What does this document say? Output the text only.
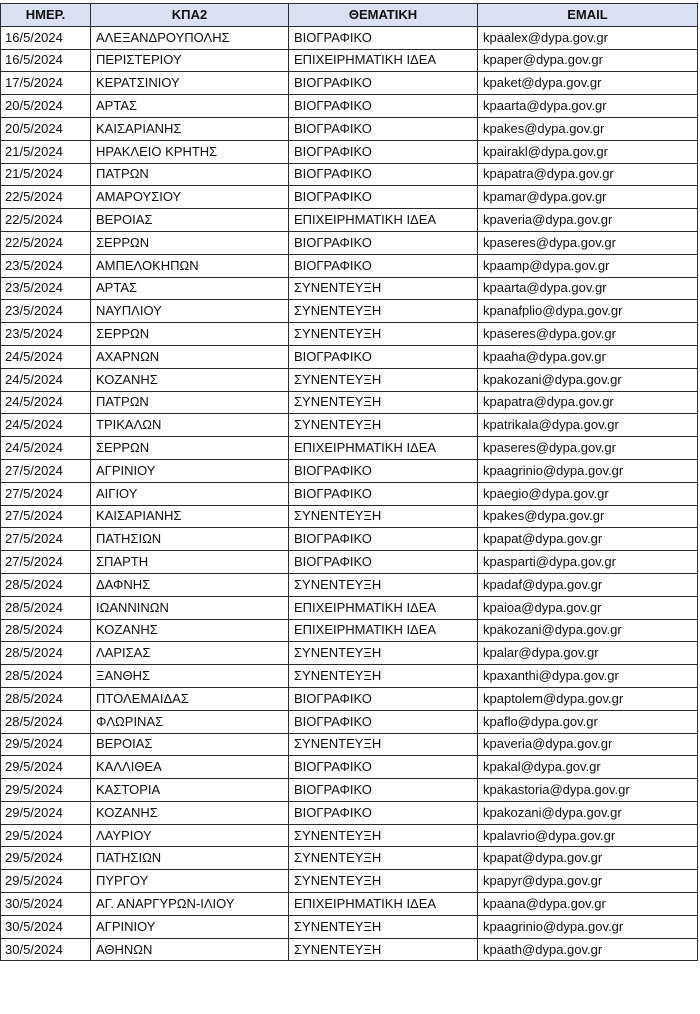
ΗΜΕΡ.	ΚΠΑ2	ΘΕΜΑΤΙΚΗ	EMAIL
16/5/2024	ΑΛΕΞΑΝΔΡΟΥΠΟΛΗΣ	ΒΙΟΓΡΑΦΙΚΟ	kpaalex@dypa.gov.gr
16/5/2024	ΠΕΡΙΣΤΕΡΙΟΥ	ΕΠΙΧΕΙΡΗΜΑΤΙΚΗ ΙΔΕΑ	kpaper@dypa.gov.gr
17/5/2024	ΚΕΡΑΤΣΙΝΙΟΥ	ΒΙΟΓΡΑΦΙΚΟ	kpaket@dypa.gov.gr
20/5/2024	ΑΡΤΑΣ	ΒΙΟΓΡΑΦΙΚΟ	kpaarta@dypa.gov.gr
20/5/2024	ΚΑΙΣΑΡΙΑΝΗΣ	ΒΙΟΓΡΑΦΙΚΟ	kpakes@dypa.gov.gr
21/5/2024	ΗΡΑΚΛΕΙΟ ΚΡΗΤΗΣ	ΒΙΟΓΡΑΦΙΚΟ	kpairakl@dypa.gov.gr
21/5/2024	ΠΑΤΡΩΝ	ΒΙΟΓΡΑΦΙΚΟ	kpapatra@dypa.gov.gr
22/5/2024	ΑΜΑΡΟΥΣΙΟΥ	ΒΙΟΓΡΑΦΙΚΟ	kpamar@dypa.gov.gr
22/5/2024	ΒΕΡΟΙΑΣ	ΕΠΙΧΕΙΡΗΜΑΤΙΚΗ ΙΔΕΑ	kpaveria@dypa.gov.gr
22/5/2024	ΣΕΡΡΩΝ	ΒΙΟΓΡΑΦΙΚΟ	kpaseres@dypa.gov.gr
23/5/2024	ΑΜΠΕΛΟΚΗΠΩΝ	ΒΙΟΓΡΑΦΙΚΟ	kpaamp@dypa.gov.gr
23/5/2024	ΑΡΤΑΣ	ΣΥΝΕΝΤΕΥΞΗ	kpaarta@dypa.gov.gr
23/5/2024	ΝΑΥΠΛΙΟΥ	ΣΥΝΕΝΤΕΥΞΗ	kpanafplio@dypa.gov.gr
23/5/2024	ΣΕΡΡΩΝ	ΣΥΝΕΝΤΕΥΞΗ	kpaseres@dypa.gov.gr
24/5/2024	ΑΧΑΡΝΩΝ	ΒΙΟΓΡΑΦΙΚΟ	kpaaha@dypa.gov.gr
24/5/2024	ΚΟΖΑΝΗΣ	ΣΥΝΕΝΤΕΥΞΗ	kpakozani@dypa.gov.gr
24/5/2024	ΠΑΤΡΩΝ	ΣΥΝΕΝΤΕΥΞΗ	kpapatra@dypa.gov.gr
24/5/2024	ΤΡΙΚΑΛΩΝ	ΣΥΝΕΝΤΕΥΞΗ	kpatrikala@dypa.gov.gr
24/5/2024	ΣΕΡΡΩΝ	ΕΠΙΧΕΙΡΗΜΑΤΙΚΗ ΙΔΕΑ	kpaseres@dypa.gov.gr
27/5/2024	ΑΓΡΙΝΙΟΥ	ΒΙΟΓΡΑΦΙΚΟ	kpaagrinio@dypa.gov.gr
27/5/2024	ΑΙΓΙΟΥ	ΒΙΟΓΡΑΦΙΚΟ	kpaegio@dypa.gov.gr
27/5/2024	ΚΑΙΣΑΡΙΑΝΗΣ	ΣΥΝΕΝΤΕΥΞΗ	kpakes@dypa.gov.gr
27/5/2024	ΠΑΤΗΣΙΩΝ	ΒΙΟΓΡΑΦΙΚΟ	kpapat@dypa.gov.gr
27/5/2024	ΣΠΑΡΤΗ	ΒΙΟΓΡΑΦΙΚΟ	kpasparti@dypa.gov.gr
28/5/2024	ΔΑΦΝΗΣ	ΣΥΝΕΝΤΕΥΞΗ	kpadaf@dypa.gov.gr
28/5/2024	ΙΩΑΝΝΙΝΩΝ	ΕΠΙΧΕΙΡΗΜΑΤΙΚΗ ΙΔΕΑ	kpaioa@dypa.gov.gr
28/5/2024	ΚΟΖΑΝΗΣ	ΕΠΙΧΕΙΡΗΜΑΤΙΚΗ ΙΔΕΑ	kpakozani@dypa.gov.gr
28/5/2024	ΛΑΡΙΣΑΣ	ΣΥΝΕΝΤΕΥΞΗ	kpalar@dypa.gov.gr
28/5/2024	ΞΑΝΘΗΣ	ΣΥΝΕΝΤΕΥΞΗ	kpaxanthi@dypa.gov.gr
28/5/2024	ΠΤΟΛΕΜΑΙΔΑΣ	ΒΙΟΓΡΑΦΙΚΟ	kpaptolem@dypa.gov.gr
28/5/2024	ΦΛΩΡΙΝΑΣ	ΒΙΟΓΡΑΦΙΚΟ	kpaflo@dypa.gov.gr
29/5/2024	ΒΕΡΟΙΑΣ	ΣΥΝΕΝΤΕΥΞΗ	kpaveria@dypa.gov.gr
29/5/2024	ΚΑΛΛΙΘΕΑ	ΒΙΟΓΡΑΦΙΚΟ	kpakal@dypa.gov.gr
29/5/2024	ΚΑΣΤΟΡΙΑ	ΒΙΟΓΡΑΦΙΚΟ	kpakastoria@dypa.gov.gr
29/5/2024	ΚΟΖΑΝΗΣ	ΒΙΟΓΡΑΦΙΚΟ	kpakozani@dypa.gov.gr
29/5/2024	ΛΑΥΡΙΟΥ	ΣΥΝΕΝΤΕΥΞΗ	kpalavrio@dypa.gov.gr
29/5/2024	ΠΑΤΗΣΙΩΝ	ΣΥΝΕΝΤΕΥΞΗ	kpapat@dypa.gov.gr
29/5/2024	ΠΥΡΓΟΥ	ΣΥΝΕΝΤΕΥΞΗ	kpapyr@dypa.gov.gr
30/5/2024	ΑΓ. ΑΝΑΡΓΥΡΩΝ-ΙΛΙΟΥ	ΕΠΙΧΕΙΡΗΜΑΤΙΚΗ ΙΔΕΑ	kpaana@dypa.gov.gr
30/5/2024	ΑΓΡΙΝΙΟΥ	ΣΥΝΕΝΤΕΥΞΗ	kpaagrinio@dypa.gov.gr
30/5/2024	ΑΘΗΝΩΝ	ΣΥΝΕΝΤΕΥΞΗ	kpaath@dypa.gov.gr
